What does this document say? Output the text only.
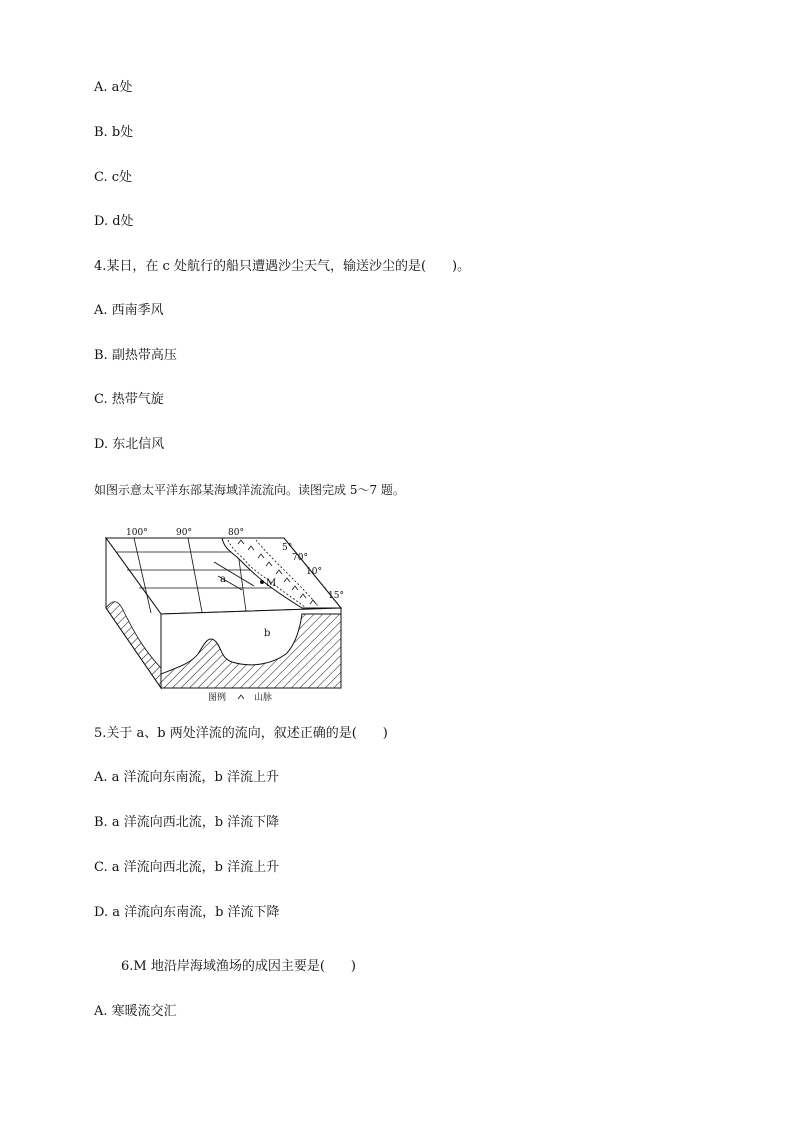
A. a处
B. b处
C. c处
D. d处
4.某日，在 c 处航行的船只遭遇沙尘天气，输送沙尘的是(　　)。
A. 西南季风
B. 副热带高压
C. 热带气旋
D. 东北信风
如图示意太平洋东部某海域洋流流向。读图完成 5～7 题。
100°	90°	80°
70°
5°
10°
15°
a	M
b
图例	山脉
5.关于 a、b 两处洋流的流向，叙述正确的是(　　)
A. a 洋流向东南流，b 洋流上升
B. a 洋流向西北流，b 洋流下降
C. a 洋流向西北流，b 洋流上升
D. a 洋流向东南流，b 洋流下降
6.M 地沿岸海域渔场的成因主要是(　　)
A. 寒暖流交汇
